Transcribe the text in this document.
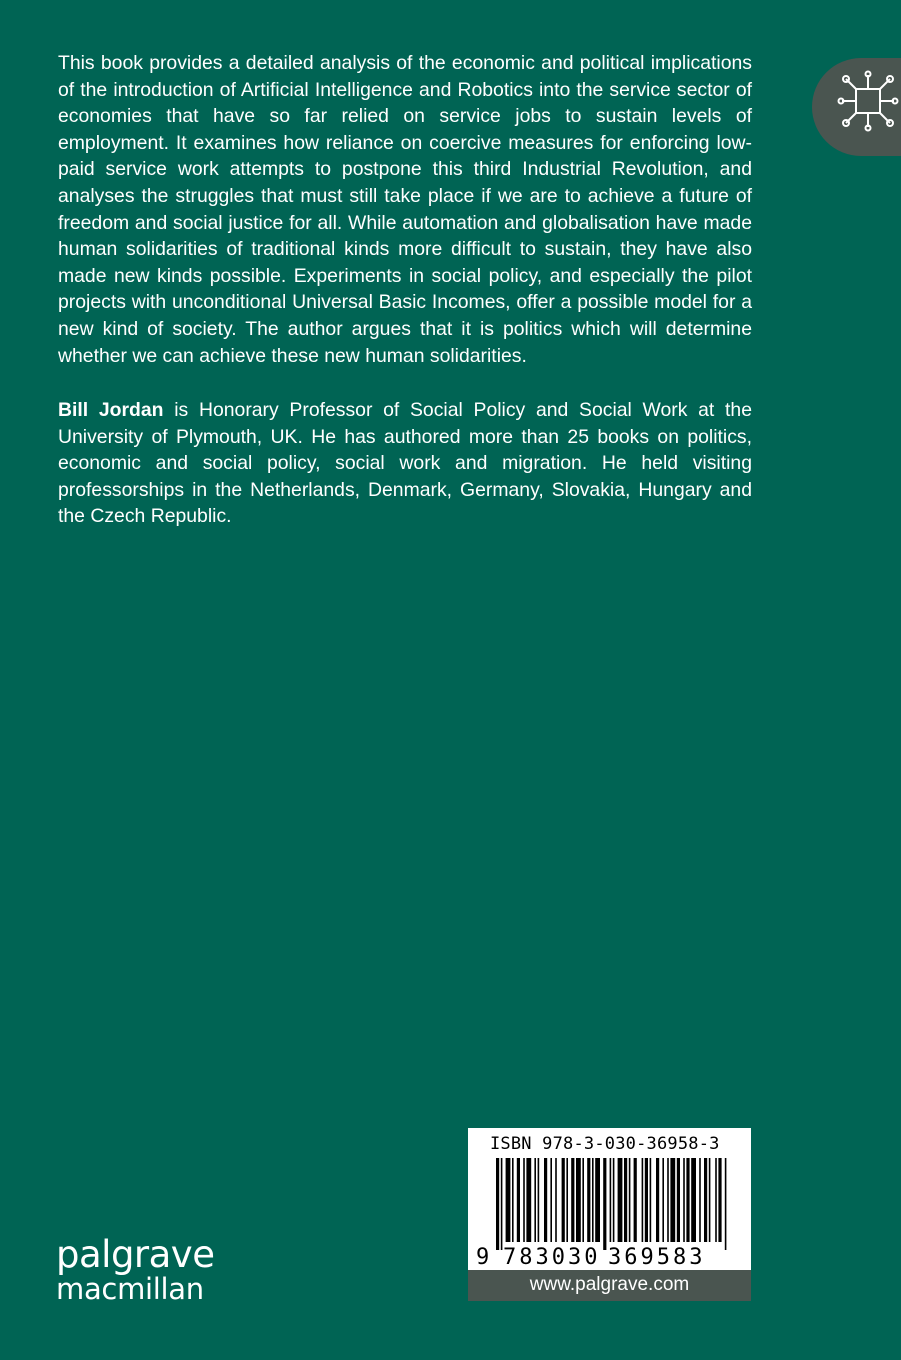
This book provides a detailed analysis of the economic and political implications of the introduction of Artificial Intelligence and Robotics into the service sector of economies that have so far relied on service jobs to sustain levels of employment. It examines how reliance on coercive measures for enforcing low-paid service work attempts to postpone this third Industrial Revolution, and analyses the struggles that must still take place if we are to achieve a future of freedom and social justice for all. While automation and globalisation have made human solidarities of traditional kinds more difficult to sustain, they have also made new kinds possible. Experiments in social policy, and especially the pilot projects with unconditional Universal Basic Incomes, offer a possible model for a new kind of society. The author argues that it is politics which will determine whether we can achieve these new human solidarities.

Bill Jordan is Honorary Professor of Social Policy and Social Work at the University of Plymouth, UK. He has authored more than 25 books on politics, economic and social policy, social work and migration. He held visiting professorships in the Netherlands, Denmark, Germany, Slovakia, Hungary and the Czech Republic.

palgrave
macmillan
9 783030 369583
ISBN 978-3-030-36958-3
www.palgrave.com
